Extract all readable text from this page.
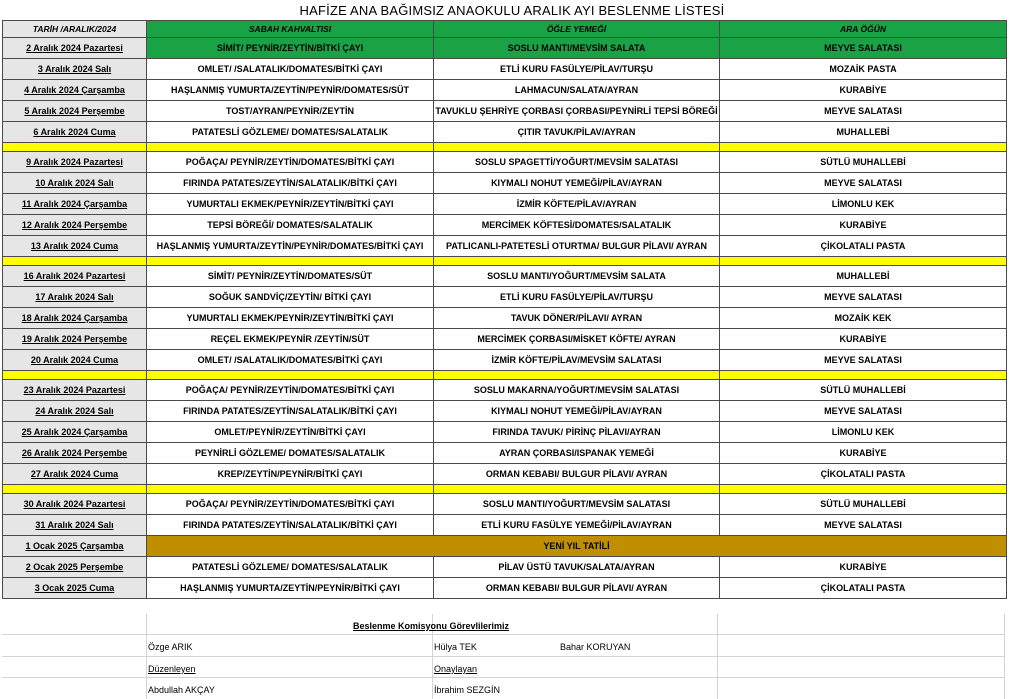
HAFİZE ANA BAĞIMSIZ ANAOKULU ARALIK AYI BESLENME LİSTESİ
TARİH /ARALIK/2024	SABAH KAHVALTISI	ÖĞLE YEMEĞİ	ARA ÖĞÜN
2 Aralık 2024 Pazartesi	SİMİT/ PEYNİR/ZEYTİN/BİTKİ ÇAYI	SOSLU MANTI/MEVSİM SALATA	MEYVE SALATASI
3 Aralık 2024 Salı	OMLET/ /SALATALIK/DOMATES/BİTKİ ÇAYI	ETLİ KURU FASÜLYE/PİLAV/TURŞU	MOZAİK PASTA
4 Aralık 2024 Çarşamba	HAŞLANMIŞ YUMURTA/ZEYTİN/PEYNİR/DOMATES/SÜT	LAHMACUN/SALATA/AYRAN	KURABİYE
5 Aralık 2024 Perşembe	TOST/AYRAN/PEYNİR/ZEYTİN	TAVUKLU ŞEHRİYE ÇORBASI ÇORBASI/PEYNİRLİ TEPSİ BÖREĞİ	MEYVE SALATASI
6 Aralık 2024 Cuma	PATATESLİ GÖZLEME/ DOMATES/SALATALIK	ÇITIR TAVUK/PİLAV/AYRAN	MUHALLEBİ

9 Aralık 2024 Pazartesi	POĞAÇA/ PEYNİR/ZEYTİN/DOMATES/BİTKİ ÇAYI	SOSLU SPAGETTİ/YOĞURT/MEVSİM SALATASI	SÜTLÜ MUHALLEBİ
10 Aralık 2024 Salı	FIRINDA PATATES/ZEYTİN/SALATALIK/BİTKİ ÇAYI	KIYMALI NOHUT YEMEĞİ/PİLAV/AYRAN	MEYVE SALATASI
11 Aralık 2024 Çarşamba	YUMURTALI EKMEK/PEYNİR/ZEYTİN/BİTKİ ÇAYI	İZMİR KÖFTE/PİLAV/AYRAN	LİMONLU KEK
12 Aralık 2024 Perşembe	TEPSİ BÖREĞİ/ DOMATES/SALATALIK	MERCİMEK KÖFTESİ/DOMATES/SALATALIK	KURABİYE
13 Aralık 2024 Cuma	HAŞLANMIŞ YUMURTA/ZEYTİN/PEYNİR/DOMATES/BİTKİ ÇAYI	PATLICANLI-PATETESLİ OTURTMA/ BULGUR PİLAVI/ AYRAN	ÇİKOLATALI PASTA

16 Aralık 2024 Pazartesi	SİMİT/ PEYNİR/ZEYTİN/DOMATES/SÜT	SOSLU MANTI/YOĞURT/MEVSİM SALATA	MUHALLEBİ
17 Aralık 2024 Salı	SOĞUK SANDVİÇ/ZEYTİN/ BİTKİ ÇAYI	ETLİ KURU FASÜLYE/PİLAV/TURŞU	MEYVE SALATASI
18 Aralık 2024 Çarşamba	YUMURTALI EKMEK/PEYNİR/ZEYTİN/BİTKİ ÇAYI	TAVUK DÖNER/PİLAVI/ AYRAN	MOZAİK KEK
19 Aralık 2024 Perşembe	REÇEL EKMEK/PEYNİR /ZEYTİN/SÜT	MERCİMEK ÇORBASI/MİSKET KÖFTE/ AYRAN	KURABİYE
20 Aralık 2024 Cuma	OMLET/ /SALATALIK/DOMATES/BİTKİ ÇAYI	İZMİR KÖFTE/PİLAV/MEVSİM SALATASI	MEYVE SALATASI

23 Aralık 2024 Pazartesi	POĞAÇA/ PEYNİR/ZEYTİN/DOMATES/BİTKİ ÇAYI	SOSLU MAKARNA/YOĞURT/MEVSİM SALATASI	SÜTLÜ MUHALLEBİ
24 Aralık 2024 Salı	FIRINDA PATATES/ZEYTİN/SALATALIK/BİTKİ ÇAYI	KIYMALI NOHUT YEMEĞİ/PİLAV/AYRAN	MEYVE SALATASI
25 Aralık 2024 Çarşamba	OMLET/PEYNİR/ZEYTİN/BİTKİ ÇAYI	FIRINDA TAVUK/ PİRİNÇ PİLAVI/AYRAN	LİMONLU KEK
26 Aralık 2024 Perşembe	PEYNİRLİ GÖZLEME/ DOMATES/SALATALIK	AYRAN ÇORBASI/ISPANAK YEMEĞİ	KURABİYE
27 Aralık 2024 Cuma	KREP/ZEYTİN/PEYNİR/BİTKİ ÇAYI	ORMAN KEBABI/ BULGUR PİLAVI/ AYRAN	ÇİKOLATALI PASTA

30 Aralık 2024 Pazartesi	POĞAÇA/ PEYNİR/ZEYTİN/DOMATES/BİTKİ ÇAYI	SOSLU MANTI/YOĞURT/MEVSİM SALATASI	SÜTLÜ MUHALLEBİ
31 Aralık 2024 Salı	FIRINDA PATATES/ZEYTİN/SALATALIK/BİTKİ ÇAYI	ETLİ KURU FASÜLYE YEMEĞİ/PİLAV/AYRAN	MEYVE SALATASI
1 Ocak 2025 Çarşamba	YENİ YIL TATİLİ		
2 Ocak 2025 Perşembe	PATATESLİ GÖZLEME/ DOMATES/SALATALIK	PİLAV ÜSTÜ TAVUK/SALATA/AYRAN	KURABİYE
3 Ocak 2025 Cuma	HAŞLANMIŞ YUMURTA/ZEYTİN/PEYNİR/BİTKİ ÇAYI	ORMAN KEBABI/ BULGUR PİLAVI/ AYRAN	ÇİKOLATALI PASTA
Beslenme Komisyonu Görevlilerimiz
Özge ARIK	Hülya TEK	Bahar KORUYAN
Düzenleyen	Onaylayan
Abdullah AKÇAY	İbrahim SEZGİN
